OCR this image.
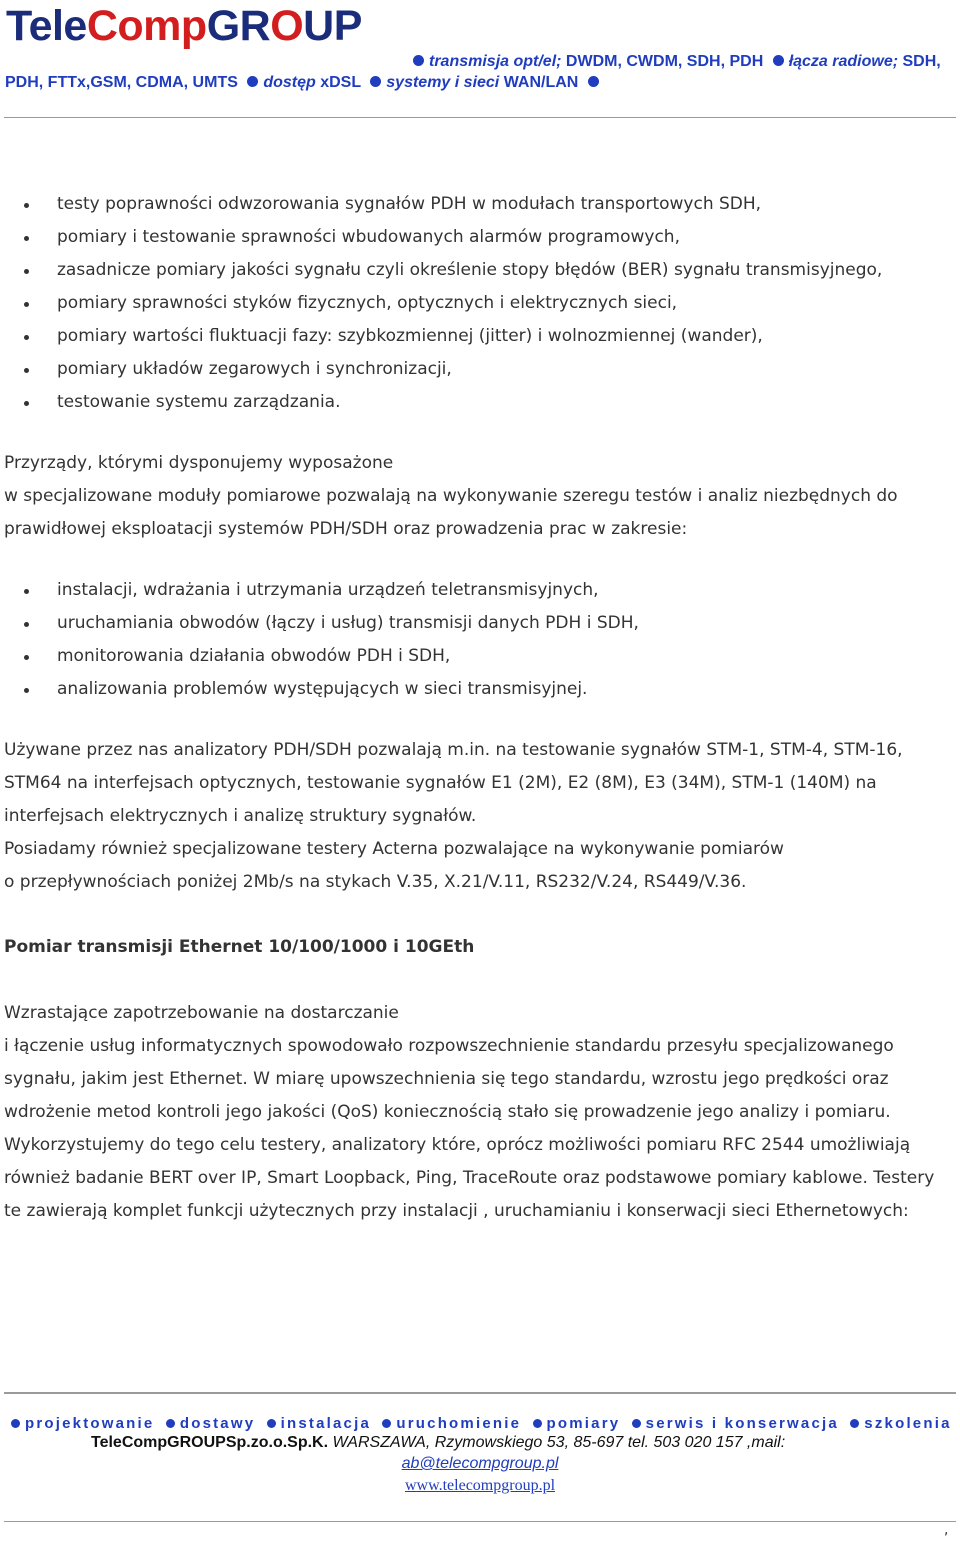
TeleCompGROUP
transmisja opt/el; DWDM, CWDM, SDH, PDH łącza radiowe; SDH,
PDH, FTTx,GSM, CDMA, UMTS dostęp xDSL systemy i sieci WAN/LAN
testy poprawności odwzorowania sygnałów PDH w modułach transportowych SDH,
pomiary i testowanie sprawności wbudowanych alarmów programowych,
zasadnicze pomiary jakości sygnału czyli określenie stopy błędów (BER) sygnału transmisyjnego,
pomiary sprawności styków fizycznych, optycznych i elektrycznych sieci,
pomiary wartości fluktuacji fazy: szybkozmiennej (jitter) i wolnozmiennej (wander),
pomiary układów zegarowych i synchronizacji,
testowanie systemu zarządzania.

Przyrządy, którymi dysponujemy wyposażone

w specjalizowane moduły pomiarowe pozwalają na wykonywanie szeregu testów i analiz niezbędnych do prawidłowej eksploatacji systemów PDH/SDH oraz prowadzenia prac w zakresie:

instalacji, wdrażania i utrzymania urządzeń teletransmisyjnych,
uruchamiania obwodów (łączy i usług) transmisji danych PDH i SDH,
monitorowania działania obwodów PDH i SDH,
analizowania problemów występujących w sieci transmisyjnej.

Używane przez nas analizatory PDH/SDH pozwalają m.in. na testowanie sygnałów STM-1, STM-4, STM-16, STM64 na interfejsach optycznych, testowanie sygnałów E1 (2M), E2 (8M), E3 (34M), STM-1 (140M) na interfejsach elektrycznych i analizę struktury sygnałów.

Posiadamy również specjalizowane testery Acterna pozwalające na wykonywanie pomiarów

o przepływnościach poniżej 2Mb/s na stykach V.35, X.21/V.11, RS232/V.24, RS449/V.36.

Pomiar transmisji Ethernet 10/100/1000 i 10GEth

Wzrastające zapotrzebowanie na dostarczanie

i łączenie usług informatycznych spowodowało rozpowszechnienie standardu przesyłu specjalizowanego sygnału, jakim jest Ethernet. W miarę upowszechnienia się tego standardu, wzrostu jego prędkości oraz wdrożenie metod kontroli jego jakości (QoS) koniecznością stało się prowadzenie jego analizy i pomiaru. Wykorzystujemy do tego celu testery, analizatory które, oprócz możliwości pomiaru RFC 2544 umożliwiają również badanie BERT over IP, Smart Loopback, Ping, TraceRoute oraz podstawowe pomiary kablowe. Testery te zawierają komplet funkcji użytecznych przy instalacji , uruchamianiu i konserwacji sieci Ethernetowych:

projektowanie dostawy instalacja uruchomienie pomiary serwis i konserwacja szkolenia
TeleCompGROUPSp.zo.o.Sp.K. WARSZAWA, Rzymowskiego 53, 85-697 tel. 503 020 157 ,mail:
ab@telecompgroup.pl
www.telecompgroup.pl
,
